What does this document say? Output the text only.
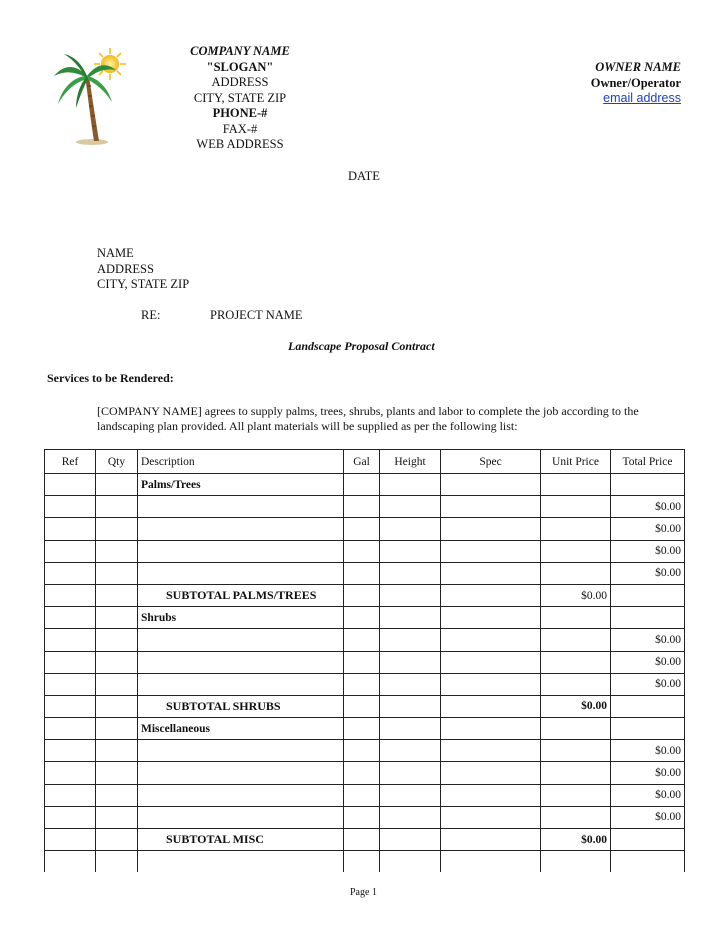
COMPANY NAME
"SLOGAN"
ADDRESS
CITY, STATE ZIP
PHONE-#
FAX-#
WEB ADDRESS
OWNER NAME
Owner/Operator
email address
DATE
NAME
ADDRESS
CITY, STATE ZIP
RE:	PROJECT NAME
Landscape Proposal Contract
Services to be Rendered:
[COMPANY NAME] agrees to supply palms, trees, shrubs, plants and labor to complete the job according to the landscaping plan provided. All plant materials will be supplied as per the following list:
Ref	Qty	Description	Gal	Height	Spec	Unit Price	Total Price
		Palms/Trees					
							$0.00
							$0.00
							$0.00
							$0.00
		SUBTOTAL PALMS/TREES				$0.00	
		Shrubs					
							$0.00
							$0.00
							$0.00
		SUBTOTAL SHRUBS				$0.00	
		Miscellaneous					
							$0.00
							$0.00
							$0.00
							$0.00
		SUBTOTAL MISC				$0.00	

Page 1
